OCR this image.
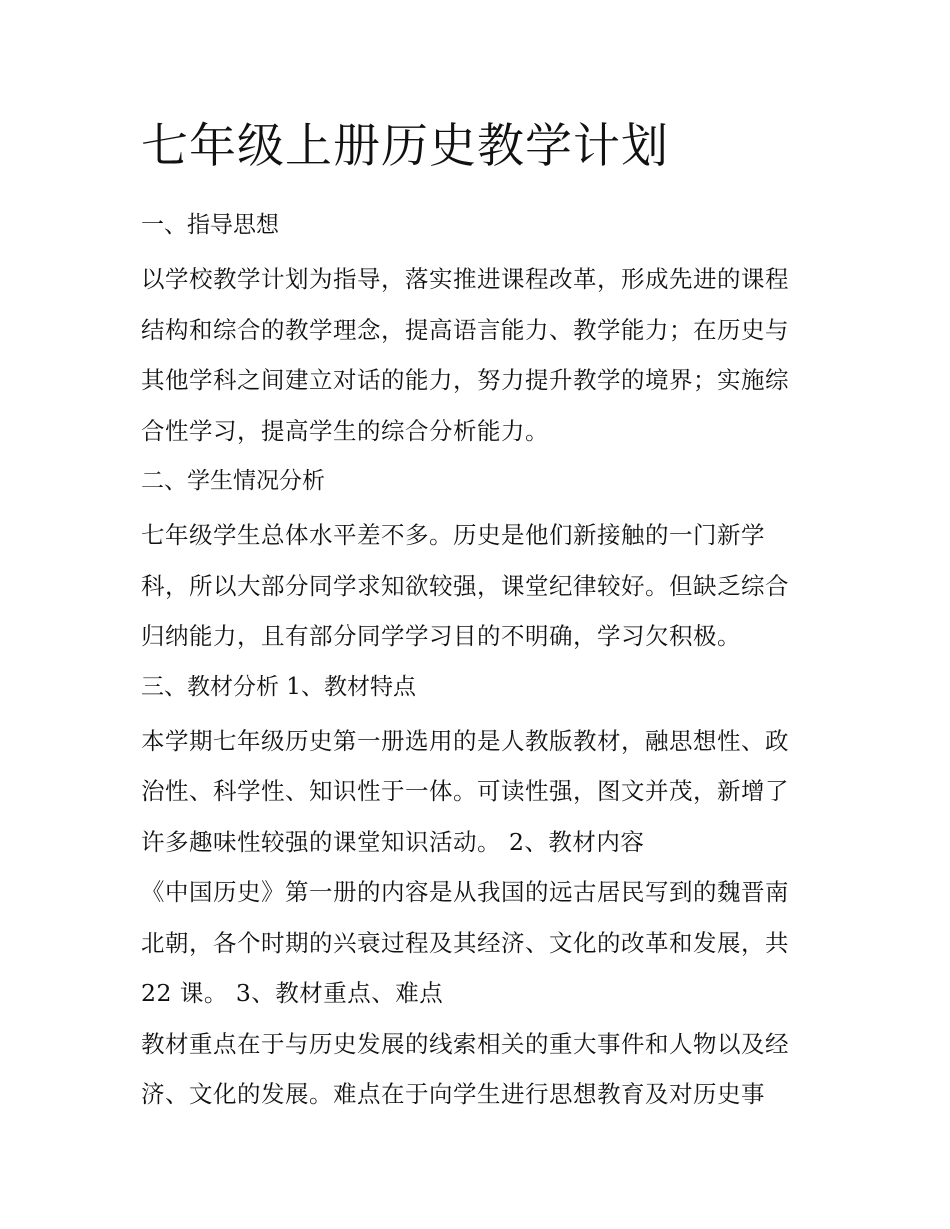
七年级上册历史教学计划
一、指导思想
以学校教学计划为指导，落实推进课程改革，形成先进的课程
结构和综合的教学理念，提高语言能力、教学能力；在历史与
其他学科之间建立对话的能力，努力提升教学的境界；实施综
合性学习，提高学生的综合分析能力。
二、学生情况分析
七年级学生总体水平差不多。历史是他们新接触的一门新学
科，所以大部分同学求知欲较强，课堂纪律较好。但缺乏综合
归纳能力，且有部分同学学习目的不明确，学习欠积极。
三、教材分析 1、教材特点
本学期七年级历史第一册选用的是人教版教材，融思想性、政
治性、科学性、知识性于一体。可读性强，图文并茂，新增了
许多趣味性较强的课堂知识活动。 2、教材内容
《中国历史》第一册的内容是从我国的远古居民写到的魏晋南
北朝，各个时期的兴衰过程及其经济、文化的改革和发展，共
22 课。 3、教材重点、难点
教材重点在于与历史发展的线索相关的重大事件和人物以及经
济、文化的发展。难点在于向学生进行思想教育及对历史事
